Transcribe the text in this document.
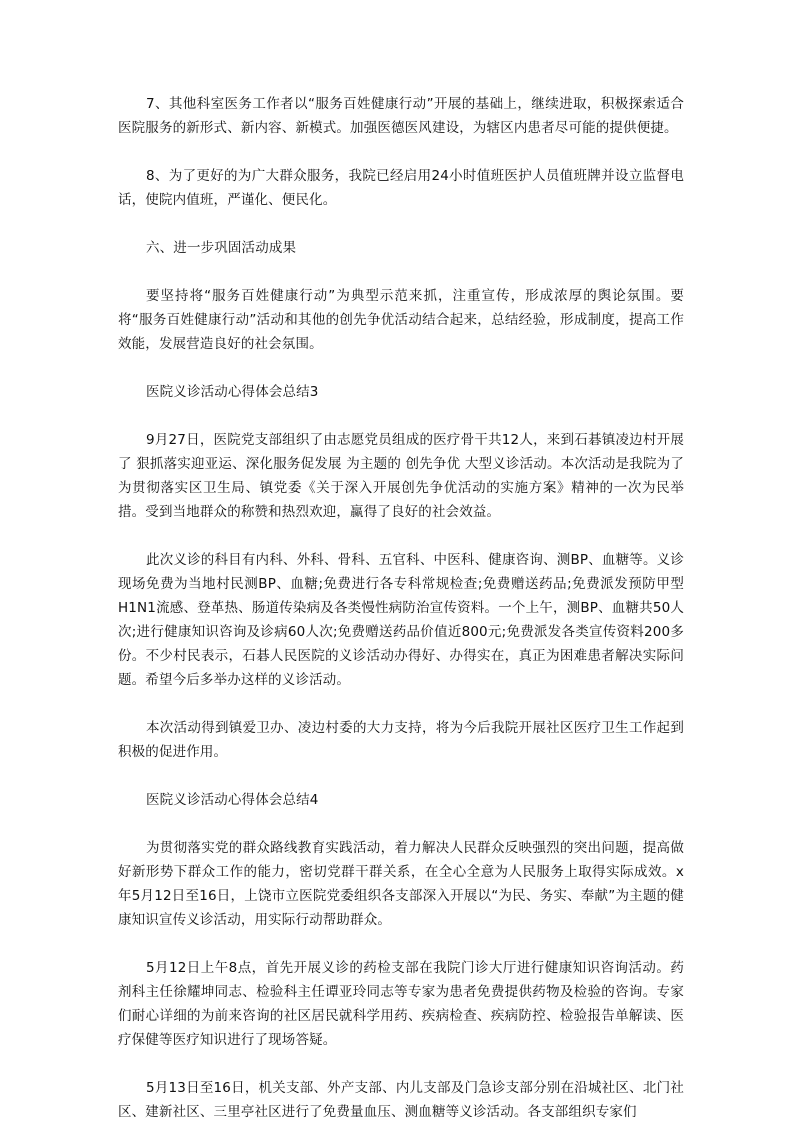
7、其他科室医务工作者以“服务百姓健康行动”开展的基础上，继续进取，积极探索适合医院服务的新形式、新内容、新模式。加强医德医风建设，为辖区内患者尽可能的提供便捷。

8、为了更好的为广大群众服务，我院已经启用24小时值班医护人员值班牌并设立监督电话，使院内值班，严谨化、便民化。

六、进一步巩固活动成果

要坚持将“服务百姓健康行动”为典型示范来抓，注重宣传，形成浓厚的舆论氛围。要将“服务百姓健康行动”活动和其他的创先争优活动结合起来，总结经验，形成制度，提高工作效能，发展营造良好的社会氛围。

医院义诊活动心得体会总结3

9月27日，医院党支部组织了由志愿党员组成的医疗骨干共12人，来到石碁镇凌边村开展了 狠抓落实迎亚运、深化服务促发展 为主题的 创先争优 大型义诊活动。本次活动是我院为了为贯彻落实区卫生局、镇党委《关于深入开展创先争优活动的实施方案》精神的一次为民举措。受到当地群众的称赞和热烈欢迎，赢得了良好的社会效益。

此次义诊的科目有内科、外科、骨科、五官科、中医科、健康咨询、测BP、血糖等。义诊现场免费为当地村民测BP、血糖;免费进行各专科常规检查;免费赠送药品;免费派发预防甲型H1N1流感、登革热、肠道传染病及各类慢性病防治宣传资料。一个上午，测BP、血糖共50人次;进行健康知识咨询及诊病60人次;免费赠送药品价值近800元;免费派发各类宣传资料200多份。不少村民表示，石碁人民医院的义诊活动办得好、办得实在，真正为困难患者解决实际问题。希望今后多举办这样的义诊活动。

本次活动得到镇爱卫办、凌边村委的大力支持，将为今后我院开展社区医疗卫生工作起到积极的促进作用。

医院义诊活动心得体会总结4

为贯彻落实党的群众路线教育实践活动，着力解决人民群众反映强烈的突出问题，提高做好新形势下群众工作的能力，密切党群干群关系，在全心全意为人民服务上取得实际成效。x年5月12日至16日，上饶市立医院党委组织各支部深入开展以“为民、务实、奉献”为主题的健康知识宣传义诊活动，用实际行动帮助群众。

5月12日上午8点，首先开展义诊的药检支部在我院门诊大厅进行健康知识咨询活动。药剂科主任徐耀坤同志、检验科主任谭亚玲同志等专家为患者免费提供药物及检验的咨询。专家们耐心详细的为前来咨询的社区居民就科学用药、疾病检查、疾病防控、检验报告单解读、医疗保健等医疗知识进行了现场答疑。

5月13日至16日，机关支部、外产支部、内儿支部及门急诊支部分别在沿城社区、北门社区、建新社区、三里亭社区进行了免费量血压、测血糖等义诊活动。各支部组织专家们
